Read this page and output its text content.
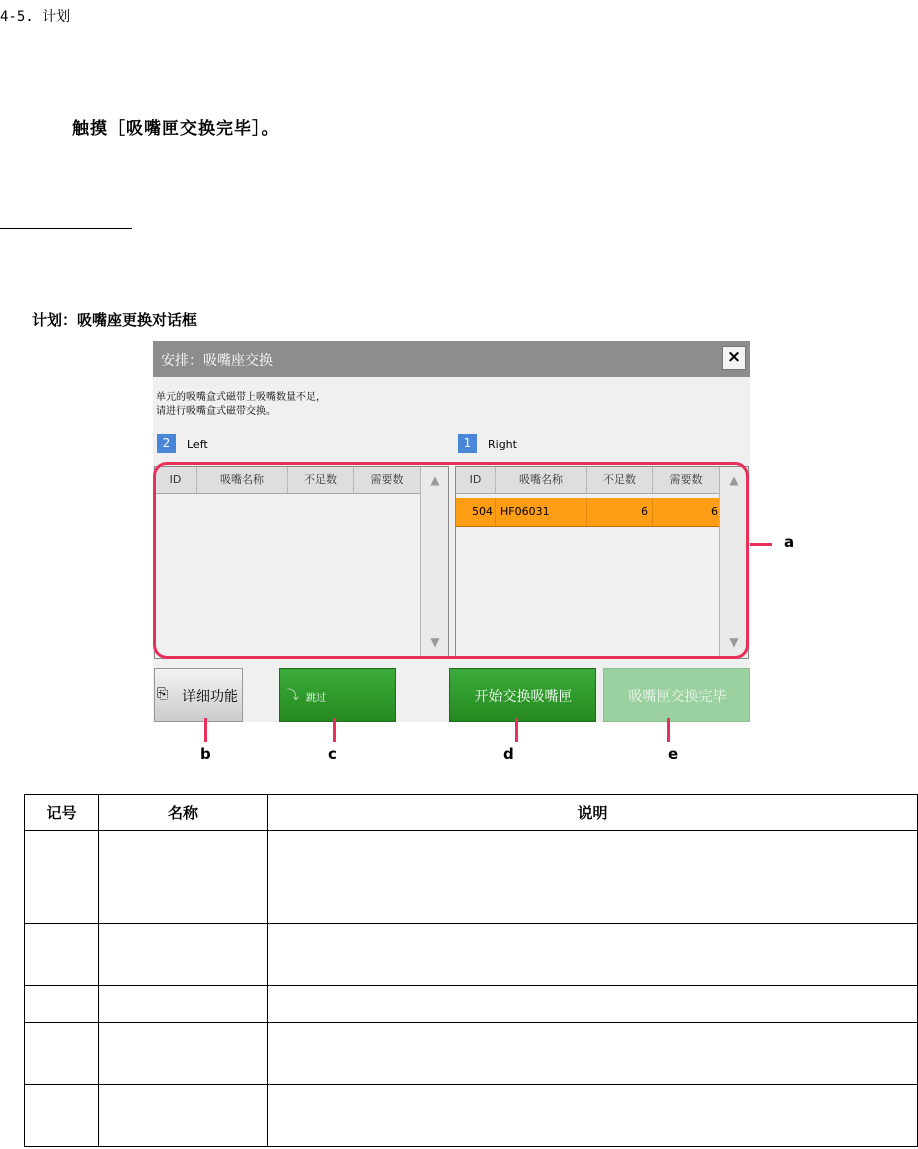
4-5. 计划
触摸［吸嘴匣交换完毕］。
计划：吸嘴座更换对话框
安排：吸嘴座交换	×
单元的吸嘴盒式磁带上吸嘴数量不足，
请进行吸嘴盒式磁带交换。
2	Left	1	Right
ID	吸嘴名称	不足数	需要数	▲
▼
ID	吸嘴名称	不足数	需要数
504 HF06031	6	6
▲
▼
⎘ 详细功能	⤵ 跳过	开始交换吸嘴匣	吸嘴匣交换完毕
a
b	c	d	e
记号	名称	说明
